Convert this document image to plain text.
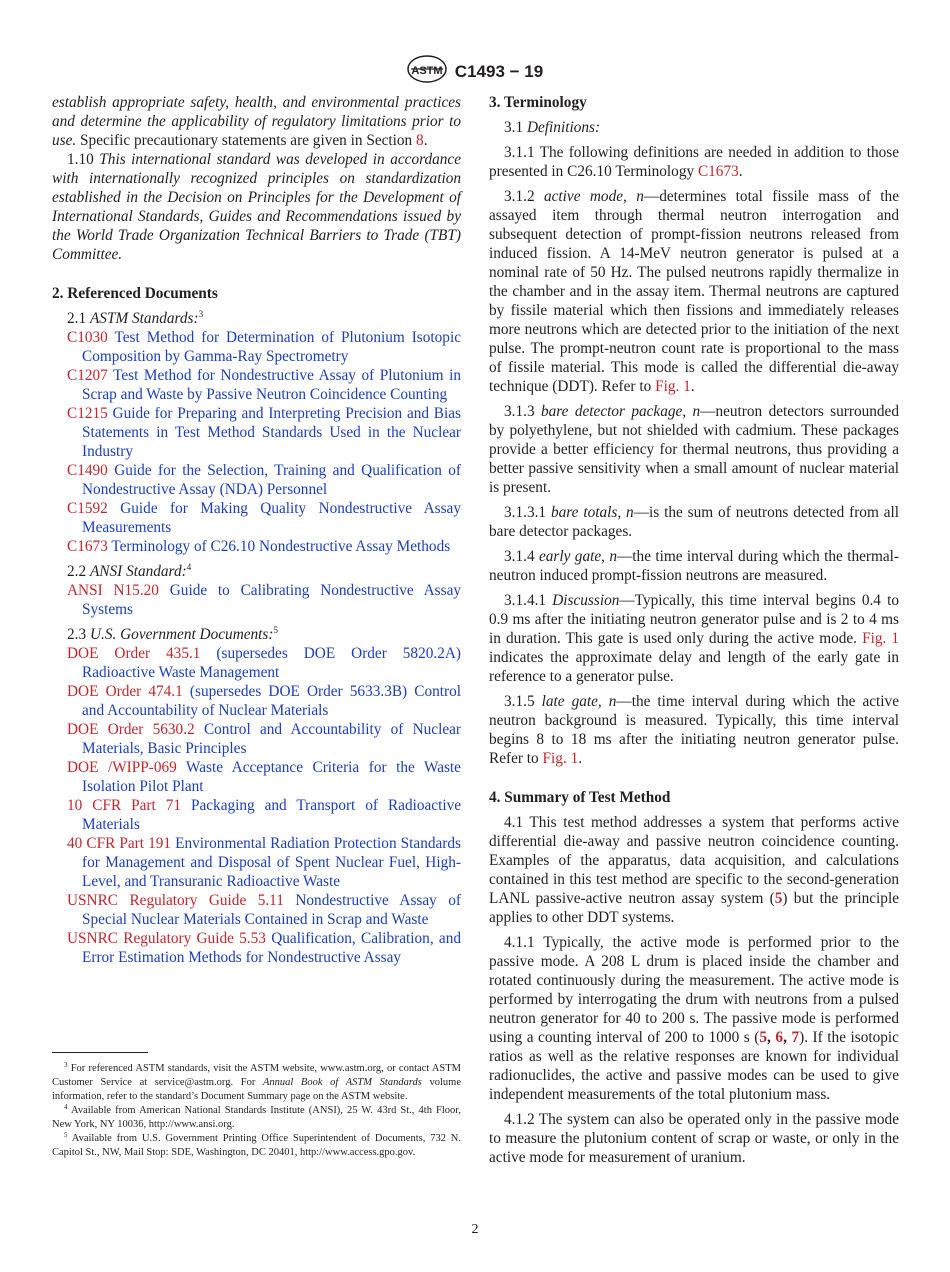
ASTM C1493 − 19

establish appropriate safety, health, and environmental practices and determine the applicability of regulatory limitations prior to use. Specific precautionary statements are given in Section 8.

1.10 This international standard was developed in accordance with internationally recognized principles on standardization established in the Decision on Principles for the Development of International Standards, Guides and Recommendations issued by the World Trade Organization Technical Barriers to Trade (TBT) Committee.

2. Referenced Documents

2.1 ASTM Standards:$^3$

C1030 Test Method for Determination of Plutonium Isotopic Composition by Gamma-Ray Spectrometry

C1207 Test Method for Nondestructive Assay of Plutonium in Scrap and Waste by Passive Neutron Coincidence Counting

C1215 Guide for Preparing and Interpreting Precision and Bias Statements in Test Method Standards Used in the Nuclear Industry

C1490 Guide for the Selection, Training and Qualification of Nondestructive Assay (NDA) Personnel

C1592 Guide for Making Quality Nondestructive Assay Measurements

C1673 Terminology of C26.10 Nondestructive Assay Methods

2.2 ANSI Standard:$^4$

ANSI N15.20 Guide to Calibrating Nondestructive Assay Systems

2.3 U.S. Government Documents:$^5$

DOE Order 435.1 (supersedes DOE Order 5820.2A) Radioactive Waste Management

DOE Order 474.1 (supersedes DOE Order 5633.3B) Control and Accountability of Nuclear Materials

DOE Order 5630.2 Control and Accountability of Nuclear Materials, Basic Principles

DOE /WIPP-069 Waste Acceptance Criteria for the Waste Isolation Pilot Plant

10 CFR Part 71 Packaging and Transport of Radioactive Materials

40 CFR Part 191 Environmental Radiation Protection Standards for Management and Disposal of Spent Nuclear Fuel, High-Level, and Transuranic Radioactive Waste

USNRC Regulatory Guide 5.11 Nondestructive Assay of Special Nuclear Materials Contained in Scrap and Waste

USNRC Regulatory Guide 5.53 Qualification, Calibration, and Error Estimation Methods for Nondestructive Assay

$^3$ For referenced ASTM standards, visit the ASTM website, www.astm.org, or contact ASTM Customer Service at service@astm.org. For Annual Book of ASTM Standards volume information, refer to the standard’s Document Summary page on the ASTM website.

$^4$ Available from American National Standards Institute (ANSI), 25 W. 43rd St., 4th Floor, New York, NY 10036, http://www.ansi.org.

$^5$ Available from U.S. Government Printing Office Superintendent of Documents, 732 N. Capitol St., NW, Mail Stop: SDE, Washington, DC 20401, http://www.access.gpo.gov.

3. Terminology

3.1 Definitions:

3.1.1 The following definitions are needed in addition to those presented in C26.10 Terminology C1673.

3.1.2 active mode, n—determines total fissile mass of the assayed item through thermal neutron interrogation and subsequent detection of prompt-fission neutrons released from induced fission. A 14-MeV neutron generator is pulsed at a nominal rate of 50 Hz. The pulsed neutrons rapidly thermalize in the chamber and in the assay item. Thermal neutrons are captured by fissile material which then fissions and immediately releases more neutrons which are detected prior to the initiation of the next pulse. The prompt-neutron count rate is proportional to the mass of fissile material. This mode is called the differential die-away technique (DDT). Refer to Fig. 1.

3.1.3 bare detector package, n—neutron detectors surrounded by polyethylene, but not shielded with cadmium. These packages provide a better efficiency for thermal neutrons, thus providing a better passive sensitivity when a small amount of nuclear material is present.

3.1.3.1 bare totals, n—is the sum of neutrons detected from all bare detector packages.

3.1.4 early gate, n—the time interval during which the thermal-neutron induced prompt-fission neutrons are measured.

3.1.4.1 Discussion—Typically, this time interval begins 0.4 to 0.9 ms after the initiating neutron generator pulse and is 2 to 4 ms in duration. This gate is used only during the active mode. Fig. 1 indicates the approximate delay and length of the early gate in reference to a generator pulse.

3.1.5 late gate, n—the time interval during which the active neutron background is measured. Typically, this time interval begins 8 to 18 ms after the initiating neutron generator pulse. Refer to Fig. 1.

4. Summary of Test Method

4.1 This test method addresses a system that performs active differential die-away and passive neutron coincidence counting. Examples of the apparatus, data acquisition, and calculations contained in this test method are specific to the second-generation LANL passive-active neutron assay system (5) but the principle applies to other DDT systems.

4.1.1 Typically, the active mode is performed prior to the passive mode. A 208 L drum is placed inside the chamber and rotated continuously during the measurement. The active mode is performed by interrogating the drum with neutrons from a pulsed neutron generator for 40 to 200 s. The passive mode is performed using a counting interval of 200 to 1000 s (5, 6, 7). If the isotopic ratios as well as the relative responses are known for individual radionuclides, the active and passive modes can be used to give independent measurements of the total plutonium mass.

4.1.2 The system can also be operated only in the passive mode to measure the plutonium content of scrap or waste, or only in the active mode for measurement of uranium.

2
